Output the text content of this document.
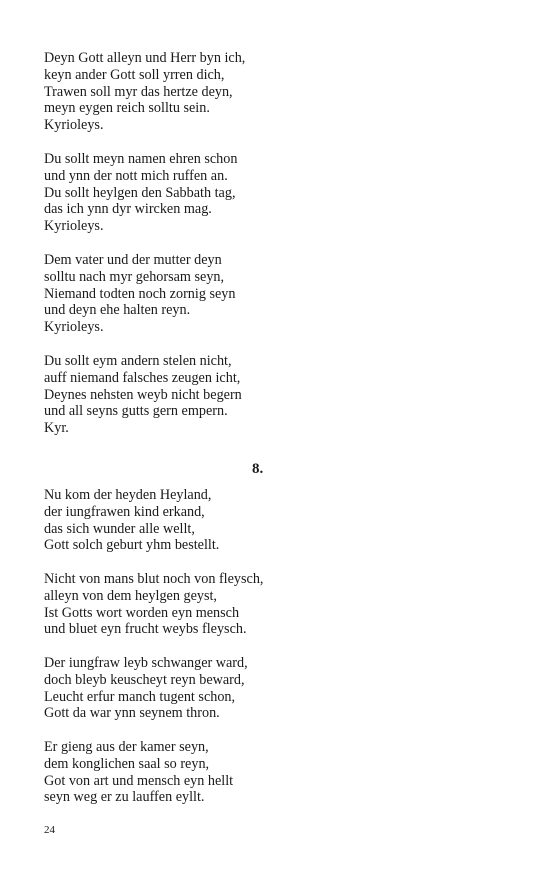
Deyn Gott alleyn und Herr byn ich,
keyn ander Gott soll yrren dich,
Trawen soll myr das hertze deyn,
meyn eygen reich solltu sein.
Kyrioleys.
Du sollt meyn namen ehren schon
und ynn der nott mich ruffen an.
Du sollt heylgen den Sabbath tag,
das ich ynn dyr wircken mag.
Kyrioleys.
Dem vater und der mutter deyn
solltu nach myr gehorsam seyn,
Niemand todten noch zornig seyn
und deyn ehe halten reyn.
Kyrioleys.
Du sollt eym andern stelen nicht,
auff niemand falsches zeugen icht,
Deynes nehsten weyb nicht begern
und all seyns gutts gern empern.
Kyr.
8.
Nu kom der heyden Heyland,
der iungfrawen kind erkand,
das sich wunder alle wellt,
Gott solch geburt yhm bestellt.
Nicht von mans blut noch von fleysch,
alleyn von dem heylgen geyst,
Ist Gotts wort worden eyn mensch
und bluet eyn frucht weybs fleysch.
Der iungfraw leyb schwanger ward,
doch bleyb keuscheyt reyn beward,
Leucht erfur manch tugent schon,
Gott da war ynn seynem thron.
Er gieng aus der kamer seyn,
dem konglichen saal so reyn,
Got von art und mensch eyn hellt
seyn weg er zu lauffen eyllt.
24
